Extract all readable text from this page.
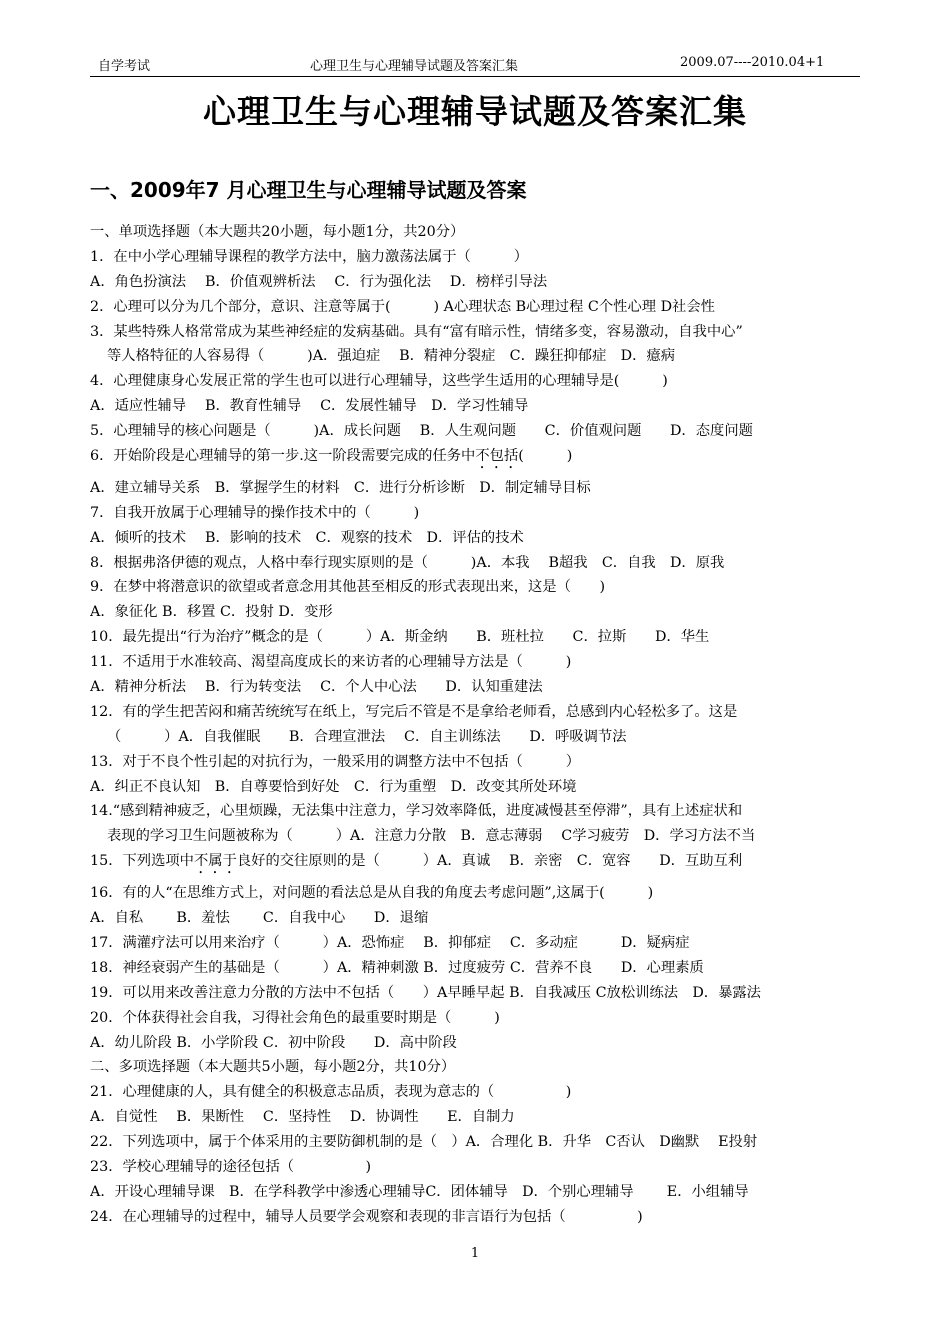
自学考试	心理卫生与心理辅导试题及答案汇集	2009.07----2010.04+1
心理卫生与心理辅导试题及答案汇集
一、2009年7 月心理卫生与心理辅导试题及答案
一、单项选择题（本大题共20小题，每小题1分，共20分）
1．在中小学心理辅导课程的教学方法中，脑力激荡法属于（　　　）
A．角色扮演法　 B．价值观辨析法　 C．行为强化法　 D．榜样引导法
2．心理可以分为几个部分，意识、注意等属于(　　　) A心理状态 B心理过程 C个性心理 D社会性
3．某些特殊人格常常成为某些神经症的发病基础。具有“富有暗示性，情绪多变，容易激动，自我中心”
等人格特征的人容易得（　　　)A．强迫症　 B．精神分裂症　C．躁狂抑郁症　D．癔病
4．心理健康身心发展正常的学生也可以进行心理辅导，这些学生适用的心理辅导是(　　　)
A．适应性辅导　 B．教育性辅导　 C．发展性辅导　D．学习性辅导
5．心理辅导的核心问题是（　　　)A．成长问题　 B．人生观问题　　C．价值观问题　　D．态度问题
6．开始阶段是心理辅导的第一步.这一阶段需要完成的任务中不包括(　　　)
A．建立辅导关系　B．掌握学生的材料　C．进行分析诊断　D．制定辅导目标
7．自我开放属于心理辅导的操作技术中的（　　　)
A．倾听的技术　 B．影响的技术　C．观察的技术　D．评估的技术
8．根据弗洛伊德的观点，人格中奉行现实原则的是（　　　)A．本我　 B超我　C．自我　D．原我
9．在梦中将潜意识的欲望或者意念用其他甚至相反的形式表现出来，这是（　　)
A．象征化 B．移置 C．投射 D．变形
10．最先提出“行为治疗”概念的是（　　　）A．斯金纳　　B．班杜拉　　C．拉斯　　D．华生
11．不适用于水准较高、渴望高度成长的来访者的心理辅导方法是（　　　)
A．精神分析法　 B．行为转变法　 C．个人中心法　　D．认知重建法
12．有的学生把苦闷和痛苦统统写在纸上，写完后不管是不是拿给老师看，总感到内心轻松多了。这是
（　　　）A．自我催眠　　B．合理宣泄法　 C．自主训练法　　D．呼吸调节法
13．对于不良个性引起的对抗行为，一般采用的调整方法中不包括（　　　）
A．纠正不良认知　B．自尊要恰到好处　C．行为重塑　D．改变其所处环境
14.“感到精神疲乏，心里烦躁，无法集中注意力，学习效率降低，进度减慢甚至停滞”，具有上述症状和
表现的学习卫生问题被称为（　　　）A．注意力分散　B．意志薄弱　 C学习疲劳　D．学习方法不当
15．下列选项中不属于良好的交往原则的是（　　　）A．真诚　 B．亲密　C．宽容　　D．互助互利
16．有的人“在思维方式上，对问题的看法总是从自我的角度去考虑问题”,这属于(　　　)
A．自私　　 B．羞怯　　 C．自我中心　　D．退缩
17．满灌疗法可以用来治疗（　　　）A．恐怖症　 B．抑郁症　 C．多动症　　　D．疑病症
18．神经衰弱产生的基础是（　　　）A．精神刺激 B．过度疲劳 C．营养不良　　D．心理素质
19．可以用来改善注意力分散的方法中不包括（　　）A早睡早起 B．自我减压 C放松训练法　D．暴露法
20．个体获得社会自我，习得社会角色的最重要时期是（　　　)
A．幼儿阶段 B．小学阶段 C．初中阶段　　D．高中阶段
二、多项选择题（本大题共5小题，每小题2分，共10分）
21．心理健康的人，具有健全的积极意志品质，表现为意志的（　　　　　)
A．自觉性　 B．果断性　 C．坚持性　 D．协调性　　E．自制力
22．下列选项中，属于个体采用的主要防御机制的是（　）A．合理化 B．升华　C否认　D幽默　 E投射
23．学校心理辅导的途径包括（　　　　　)
A．开设心理辅导课　B．在学科教学中渗透心理辅导C．团体辅导　D．个别心理辅导　　 E．小组辅导
24．在心理辅导的过程中，辅导人员要学会观察和表现的非言语行为包括（　　　　　)
1
